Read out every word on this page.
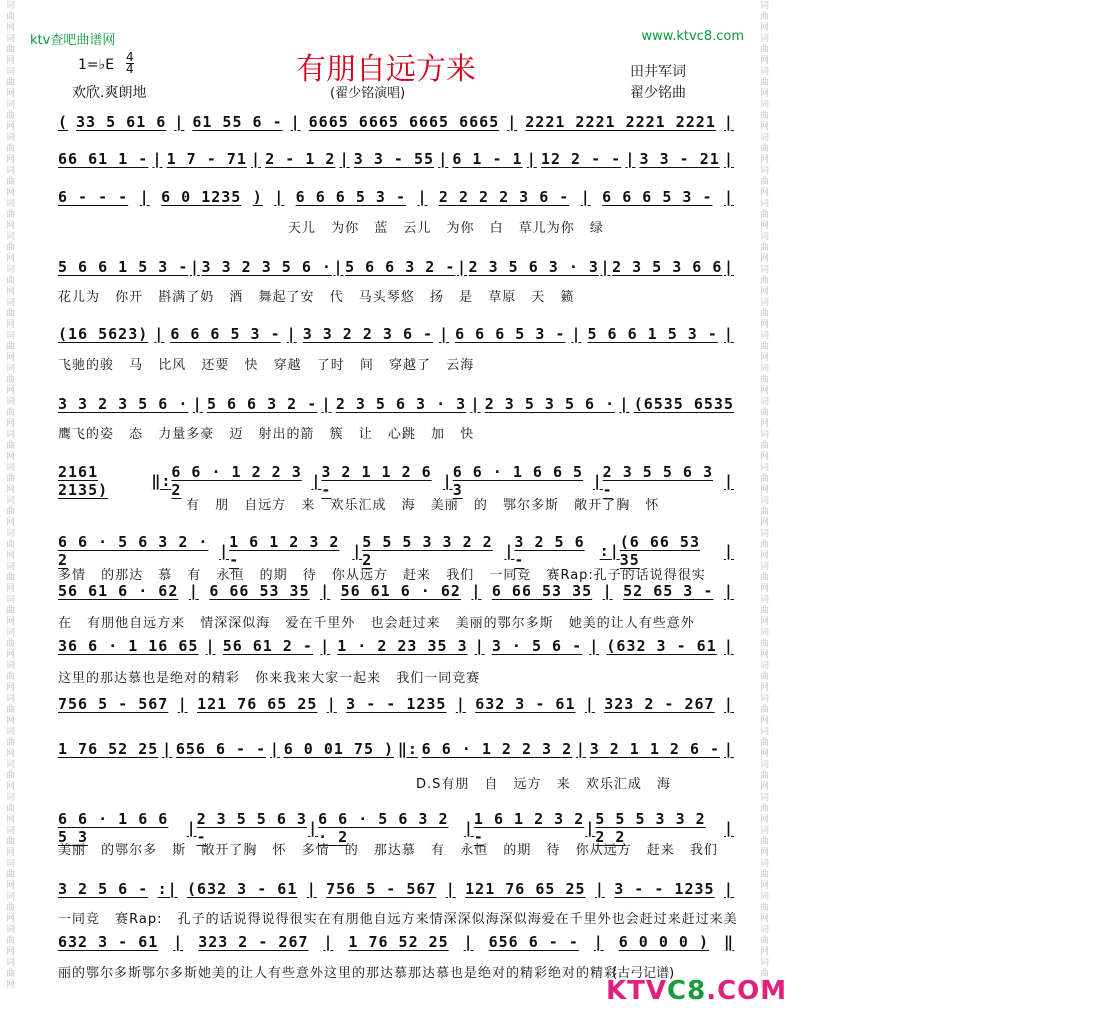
词曲网词曲网词曲网词曲网词曲网词曲网词曲网词曲网词曲网词曲网词曲网词曲网词曲网词曲网词曲网词曲网词曲网词曲网词曲网词曲网词曲网词曲网词曲网词曲网词曲网词曲网词曲网词曲网词曲网词曲网	词曲网词曲网词曲网词曲网词曲网词曲网词曲网词曲网词曲网词曲网词曲网词曲网词曲网词曲网词曲网词曲网词曲网词曲网词曲网词曲网词曲网词曲网词曲网词曲网词曲网词曲网词曲网词曲网词曲网词曲网
ktv查吧曲谱网	www.ktvc8.com
有朋自远方来
(翟少铭演唱)
1=♭E 4
4
欢欣.爽朗地
田井军词
翟少铭曲
( 33 5 61 6 | 61 55 6 - | 6665 6665 6665 6665 | 2221 2221 2221 2221 |
66 61 1 - | 1 7 - 71 | 2 - 1 2 | 3 3 - 55 | 6 1 - 1 | 12 2 - - | 3 3 - 21 |
6 - - - | 6 0 1235 ) | 6 6 6 5 3 - | 2 2 2 2 3 6 - | 6 6 6 5 3 - |
5 6 6 1 5 3 - | 3 3 2 3 5 6 · | 5 6 6 3 2 - | 2 3 5 6 3 · 3 | 2 3 5 3 6 6 |
(16 5623) | 6 6 6 5 3 - | 3 3 2 2 3 6 - | 6 6 6 5 3 - | 5 6 6 1 5 3 - |
3 3 2 3 5 6 · | 5 6 6 3 2 - | 2 3 5 6 3 · 3 | 2 3 5 3 5 6 · | (6535 6535
2161 2135)	‖: 6 6 · 1 2 2 3 2	| 3 2 1 1 2 6 -	| 6 6 · 1 6 6 5 3	| 2 3 5 5 6 3 -	|
6 6 · 5 6 3 2 · 2	| 1 6 1 2 3 2 -	| 5 5 5 3 3 2 2 2	| 3 2 5 6 -	:| (6 66 53 35	|
56 61 6 · 62 | 6 66 53 35 | 56 61 6 · 62 | 6 66 53 35 | 52 65 3 - |
36 6 · 1 16 65 | 56 61 2 - | 1 · 2 23 35 3 | 3 · 5 6 - | (632 3 - 61 |
756 5 - 567 | 121 76 65 25 | 3 - - 1235 | 632 3 - 61 | 323 2 - 267 |
1 76 52 25 | 656 6 - - | 6 0 01 75 ) ‖: 6 6 · 1 2 2 3 2 | 3 2 1 1 2 6 - |
6 6 · 1 6 6 5 3	| 2 3 5 5 6 3 -	| 6 6 · 5 6 3 2 · 2	| 1 6 1 2 3 2 -	| 5 5 5 3 3 2 2 2	|
3 2 5 6 - :| (632 3 - 61 | 756 5 - 567 | 121 76 65 25 | 3 - - 1235 |
632 3 - 61 | 323 2 - 267 | 1 76 52 25 | 656 6 - - | 6 0 0 0 ) ‖
天儿 为你 蓝 云儿 为你 白 草儿为你 绿
花儿为 你开 斟满了奶 酒 舞起了安 代 马头琴悠 扬 是 草原 天 籁
飞驰的骏 马 比风 还要 快 穿越 了时 间 穿越了 云海
鹰飞的姿 态 力量多豪 迈 射出的箭 簇 让 心跳 加 快
有 朋 自远方 来 欢乐汇成 海 美丽 的 鄂尔多斯 敞开了胸 怀
多情 的那达 慕 有 永恒 的期 待 你从远方 赶来 我们 一同竞 赛Rap:孔子的话说得很实
在 有朋他自远方来 情深深似海 爱在千里外 也会赶过来 美丽的鄂尔多斯 她美的让人有些意外
这里的那达慕也是绝对的精彩 你来我来大家一起来 我们一同竞赛
D.S有朋 自 远方 来 欢乐汇成 海
美丽 的鄂尔多 斯 敞开了胸 怀 多情 的 那达慕 有 永恒 的期 待 你从远方 赶来 我们
一同竞 赛Rap: 孔子的话说得说得很实在有朋他自远方来情深深似海深似海爱在千里外也会赶过来赶过来美
丽的鄂尔多斯鄂尔多斯她美的让人有些意外这里的那达慕那达慕也是绝对的精彩绝对的精彩
(古弓记谱)
KTVC8.COM
